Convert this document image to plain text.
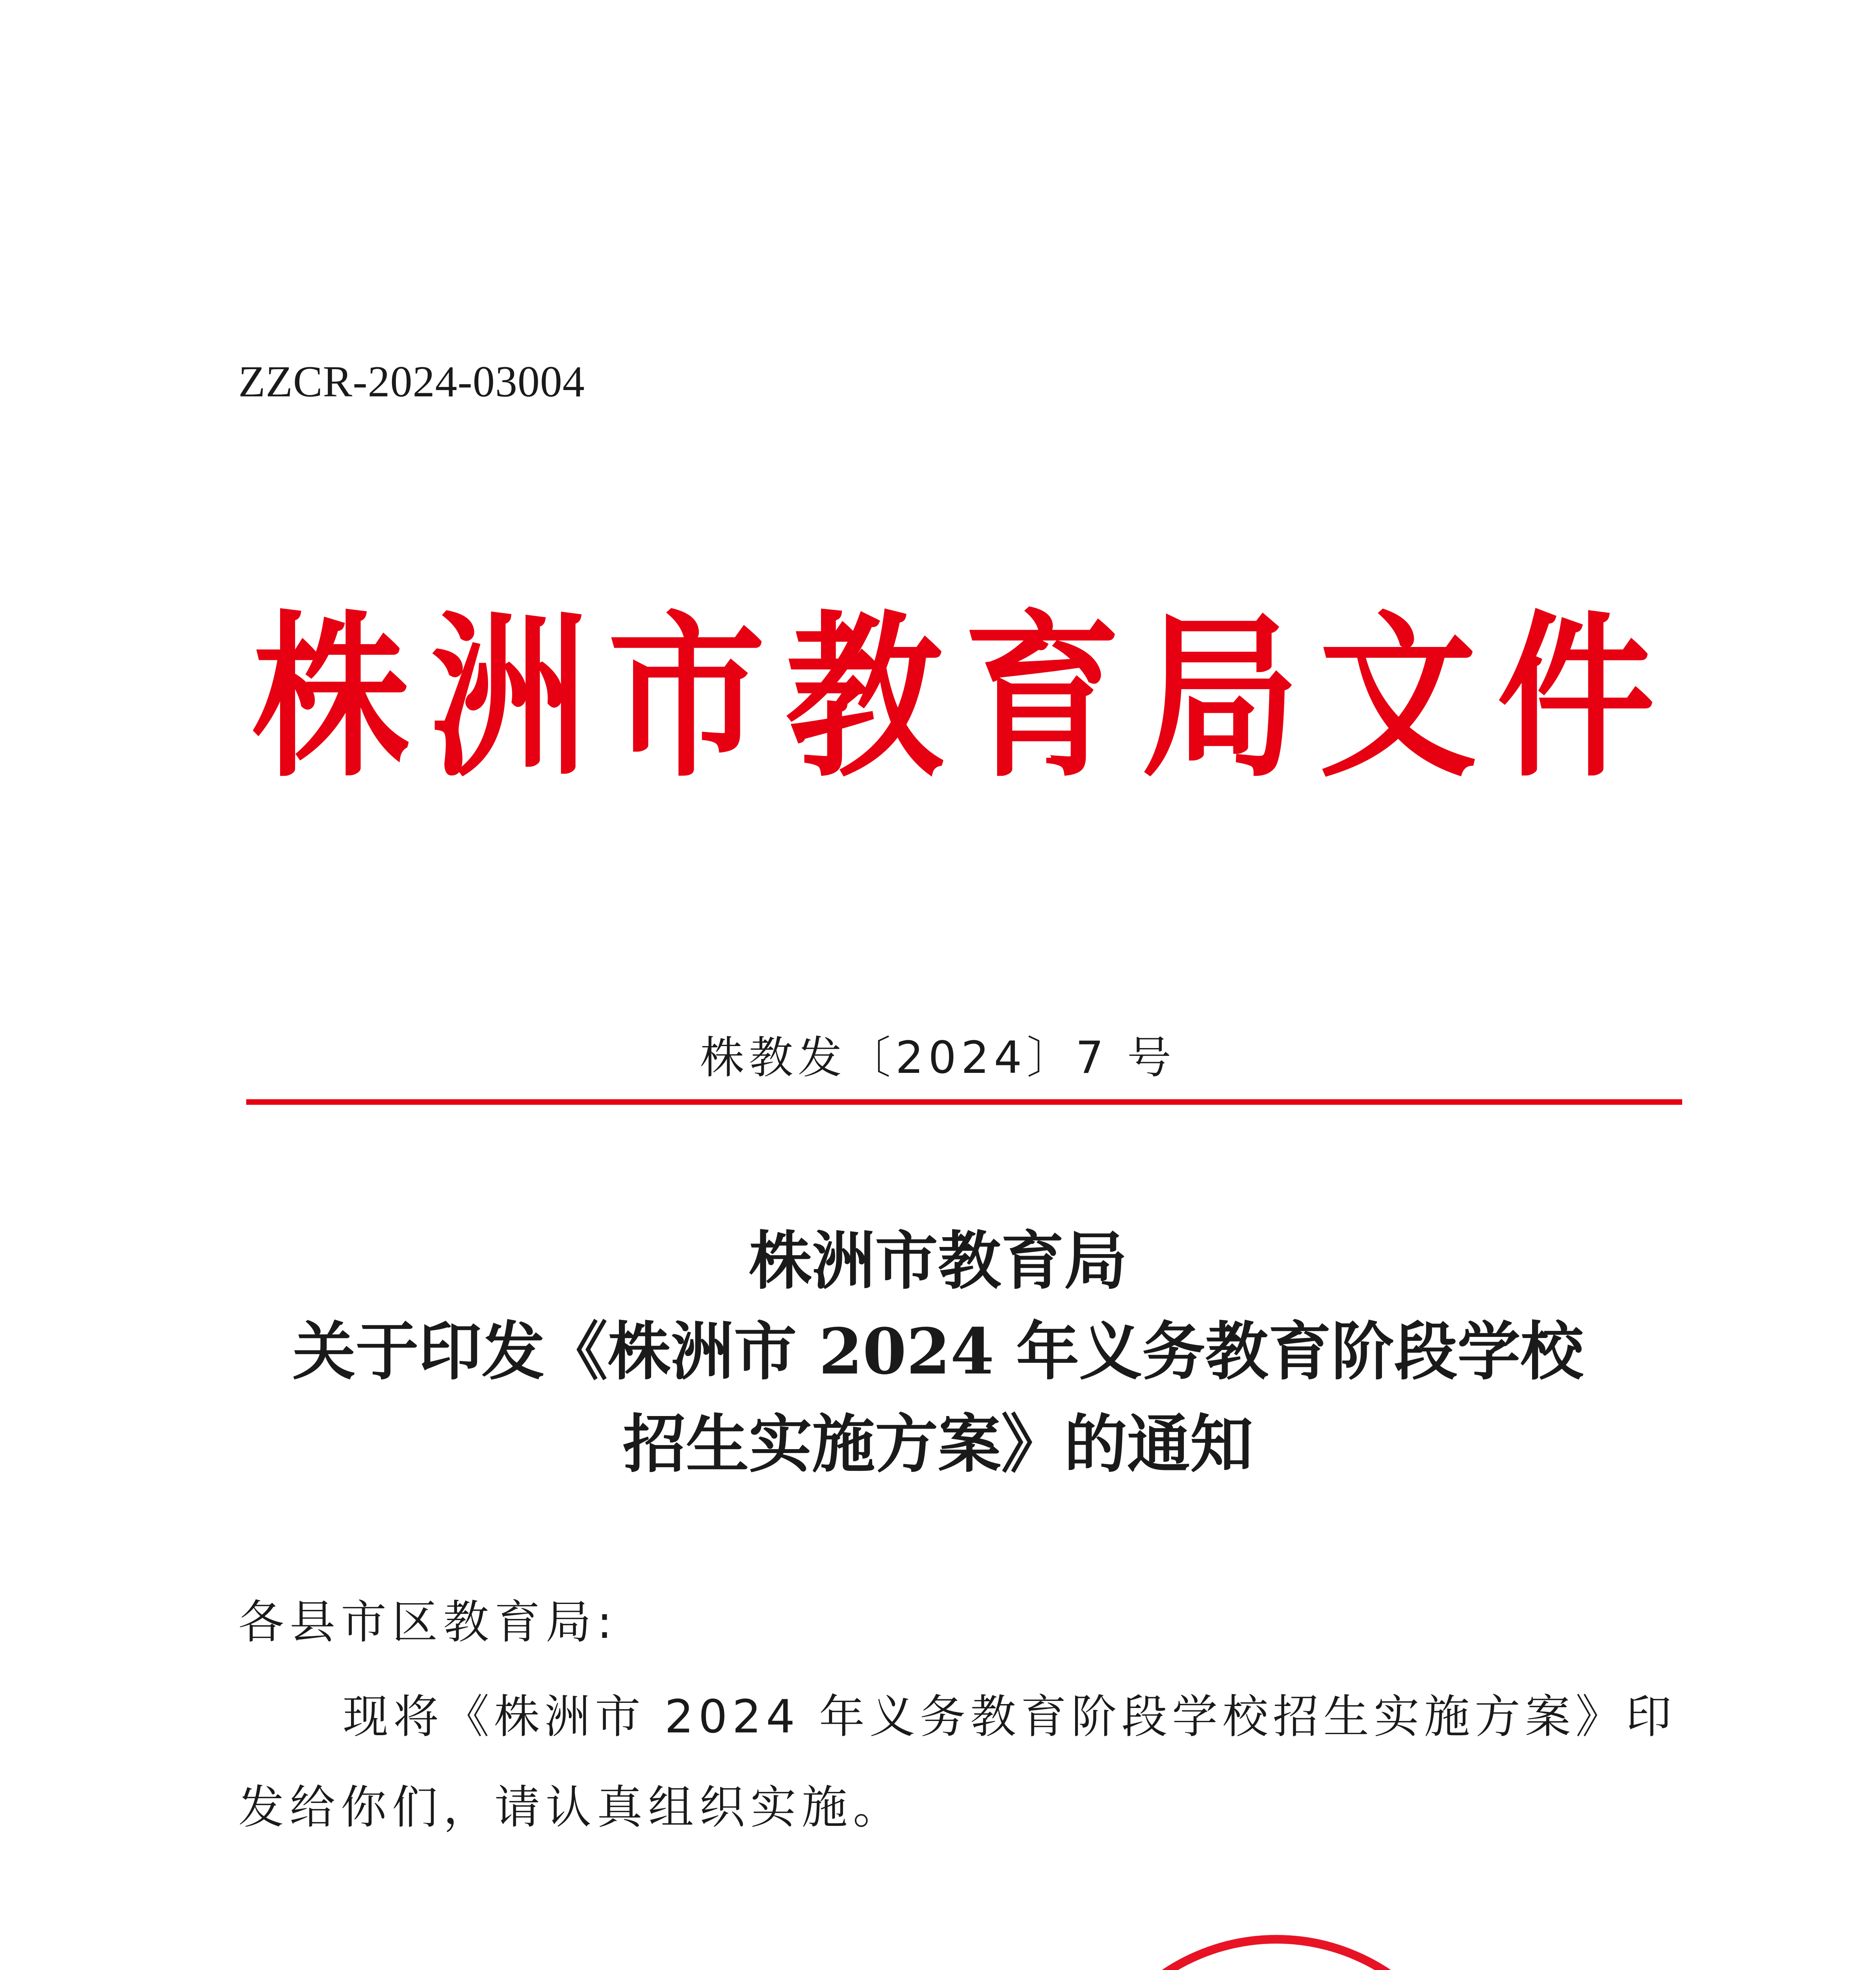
ZZCR-2024-03004
株 洲 市 教 育 局 文 件
株教发〔2024〕7 号
株洲市教育局
关于印发《株洲市 2024 年义务教育阶段学校
招生实施方案》的通知
各县市区教育局:
现将《株洲市 2024 年义务教育阶段学校招生实施方案》印
发给你们，请认真组织实施。
